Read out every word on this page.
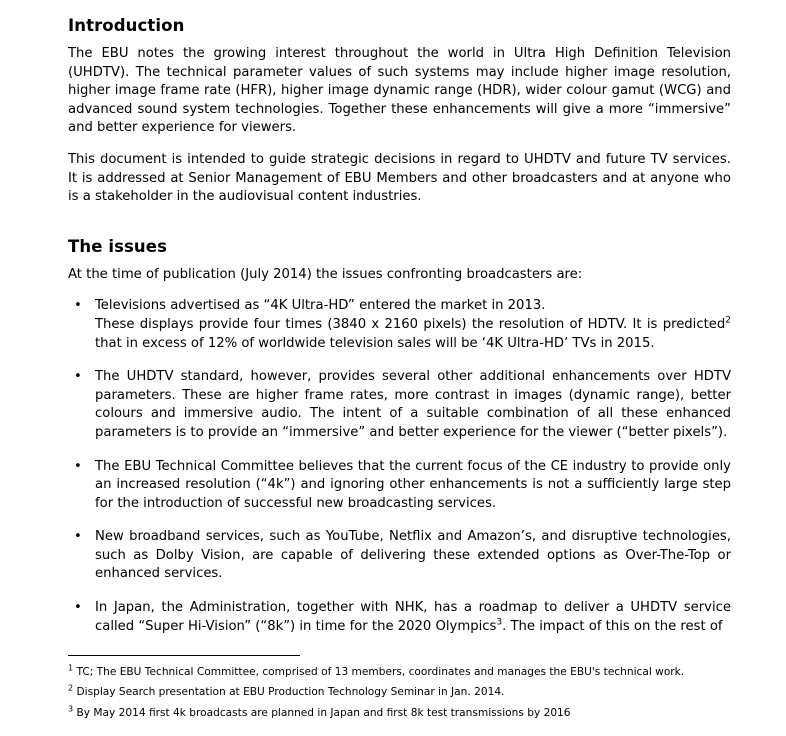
Introduction

The EBU notes the growing interest throughout the world in Ultra High Definition Television (UHDTV). The technical parameter values of such systems may include higher image resolution, higher image frame rate (HFR), higher image dynamic range (HDR), wider colour gamut (WCG) and advanced sound system technologies. Together these enhancements will give a more “immersive” and better experience for viewers.

This document is intended to guide strategic decisions in regard to UHDTV and future TV services. It is addressed at Senior Management of EBU Members and other broadcasters and at anyone who is a stakeholder in the audiovisual content industries.

The issues

At the time of publication (July 2014) the issues confronting broadcasters are:

• Televisions advertised as “4K Ultra-HD” entered the market in 2013.
These displays provide four times (3840 x 2160 pixels) the resolution of HDTV. It is predicted$^2$ that in excess of 12% of worldwide television sales will be ‘4K Ultra-HD’ TVs in 2015.
• The UHDTV standard, however, provides several other additional enhancements over HDTV parameters. These are higher frame rates, more contrast in images (dynamic range), better colours and immersive audio. The intent of a suitable combination of all these enhanced parameters is to provide an “immersive” and better experience for the viewer (“better pixels”).
• The EBU Technical Committee believes that the current focus of the CE industry to provide only an increased resolution (“4k”) and ignoring other enhancements is not a sufficiently large step for the introduction of successful new broadcasting services.
• New broadband services, such as YouTube, Netflix and Amazon’s, and disruptive technologies, such as Dolby Vision, are capable of delivering these extended options as Over-The-Top or enhanced services.
• In Japan, the Administration, together with NHK, has a roadmap to deliver a UHDTV service called “Super Hi-Vision” (“8k”) in time for the 2020 Olympics$^3$. The impact of this on the rest of

$^1$ TC; The EBU Technical Committee, comprised of 13 members, coordinates and manages the EBU's technical work.

$^2$ Display Search presentation at EBU Production Technology Seminar in Jan. 2014.

$^3$ By May 2014 first 4k broadcasts are planned in Japan and first 8k test transmissions by 2016
